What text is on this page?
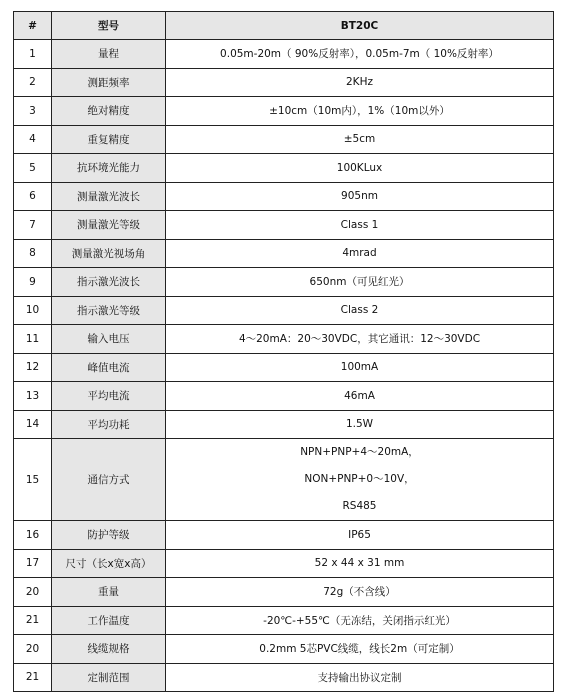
#	型号	BT20C
1	量程	0.05m-20m（ 90%反射率），0.05m-7m（ 10%反射率）
2	测距频率	2KHz
3	绝对精度	±10cm（10m内），1%（10m以外）
4	重复精度	±5cm
5	抗环境光能力	100KLux
6	测量激光波长	905nm
7	测量激光等级	Class 1
8	测量激光视场角	4mrad
9	指示激光波长	650nm（可见红光）
10	指示激光等级	Class 2
11	输入电压	4～20mA：20～30VDC，其它通讯：12～30VDC
12	峰值电流	100mA
13	平均电流	46mA
14	平均功耗	1.5W
15	通信方式	NPN+PNP+4～20mA，
NON+PNP+0～10V，
RS485

16	防护等级	IP65
17	尺寸（长x宽x高）	52 x 44 x 31 mm
20	重量	72g（不含线）
21	工作温度	-20℃-+55℃（无冻结，关闭指示红光）
20	线缆规格	0.2mm 5芯PVC线缆，线长2m（可定制）
21	定制范围	支持输出协议定制
